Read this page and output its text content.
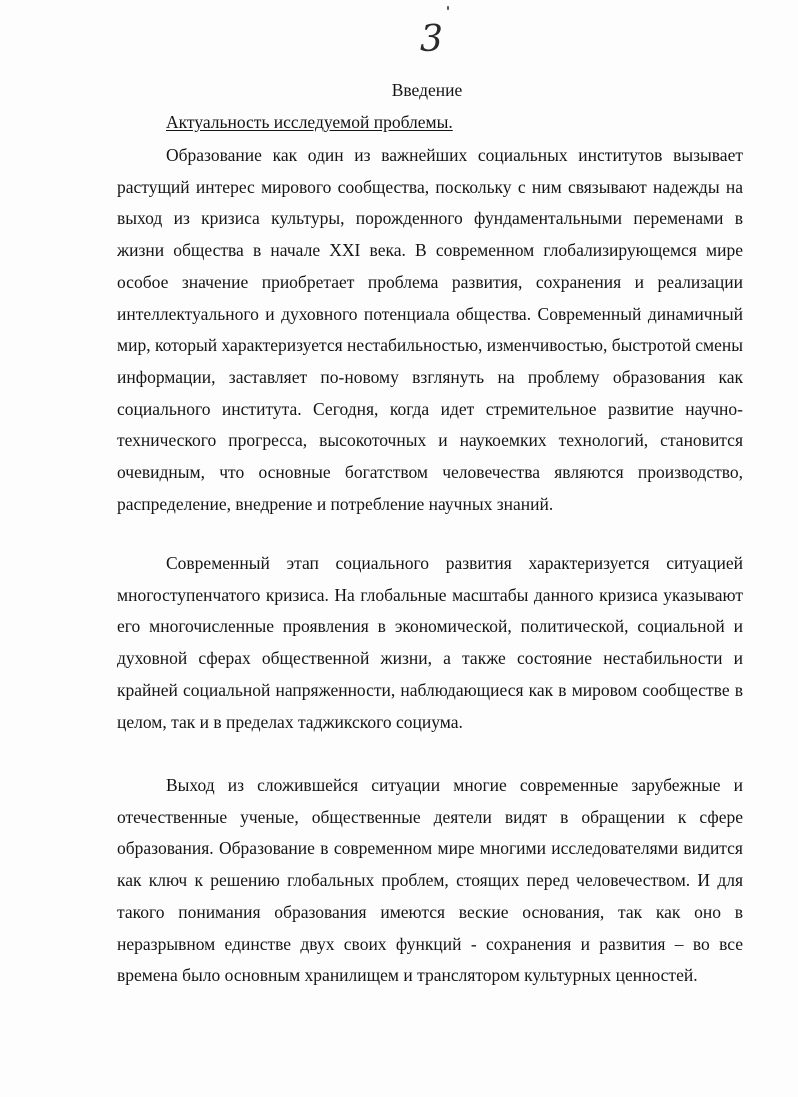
3
Введение
Актуальность исследуемой проблемы.

Образование как один из важнейших социальных институтов вызывает растущий интерес мирового сообщества, поскольку с ним связывают надежды на выход из кризиса культуры, порожденного фундаментальными переменами в жизни общества в начале XXI века. В современном глобализирующемся мире особое значение приобретает проблема развития, сохранения и реализации интеллектуального и духовного потенциала общества. Современный динамичный мир, который характеризуется нестабильностью, изменчивостью, быстротой смены информации, заставляет по-новому взглянуть на проблему образования как социального института. Сегодня, когда идет стремительное развитие научно-технического прогресса, высокоточных и наукоемких технологий, становится очевидным, что основные богатством человечества являются производство, распределение, внедрение и потребление научных знаний.

Современный этап социального развития характеризуется ситуацией многоступенчатого кризиса. На глобальные масштабы данного кризиса указывают его многочисленные проявления в экономической, политической, социальной и духовной сферах общественной жизни, а также состояние нестабильности и крайней социальной напряженности, наблюдающиеся как в мировом сообществе в целом, так и в пределах таджикского социума.

Выход из сложившейся ситуации многие современные зарубежные и отечественные ученые, общественные деятели видят в обращении к сфере образования. Образование в современном мире многими исследователями видится как ключ к решению глобальных проблем, стоящих перед человечеством. И для такого понимания образования имеются веские основания, так как оно в неразрывном единстве двух своих функций - сохранения и развития – во все времена было основным хранилищем и транслятором культурных ценностей.
